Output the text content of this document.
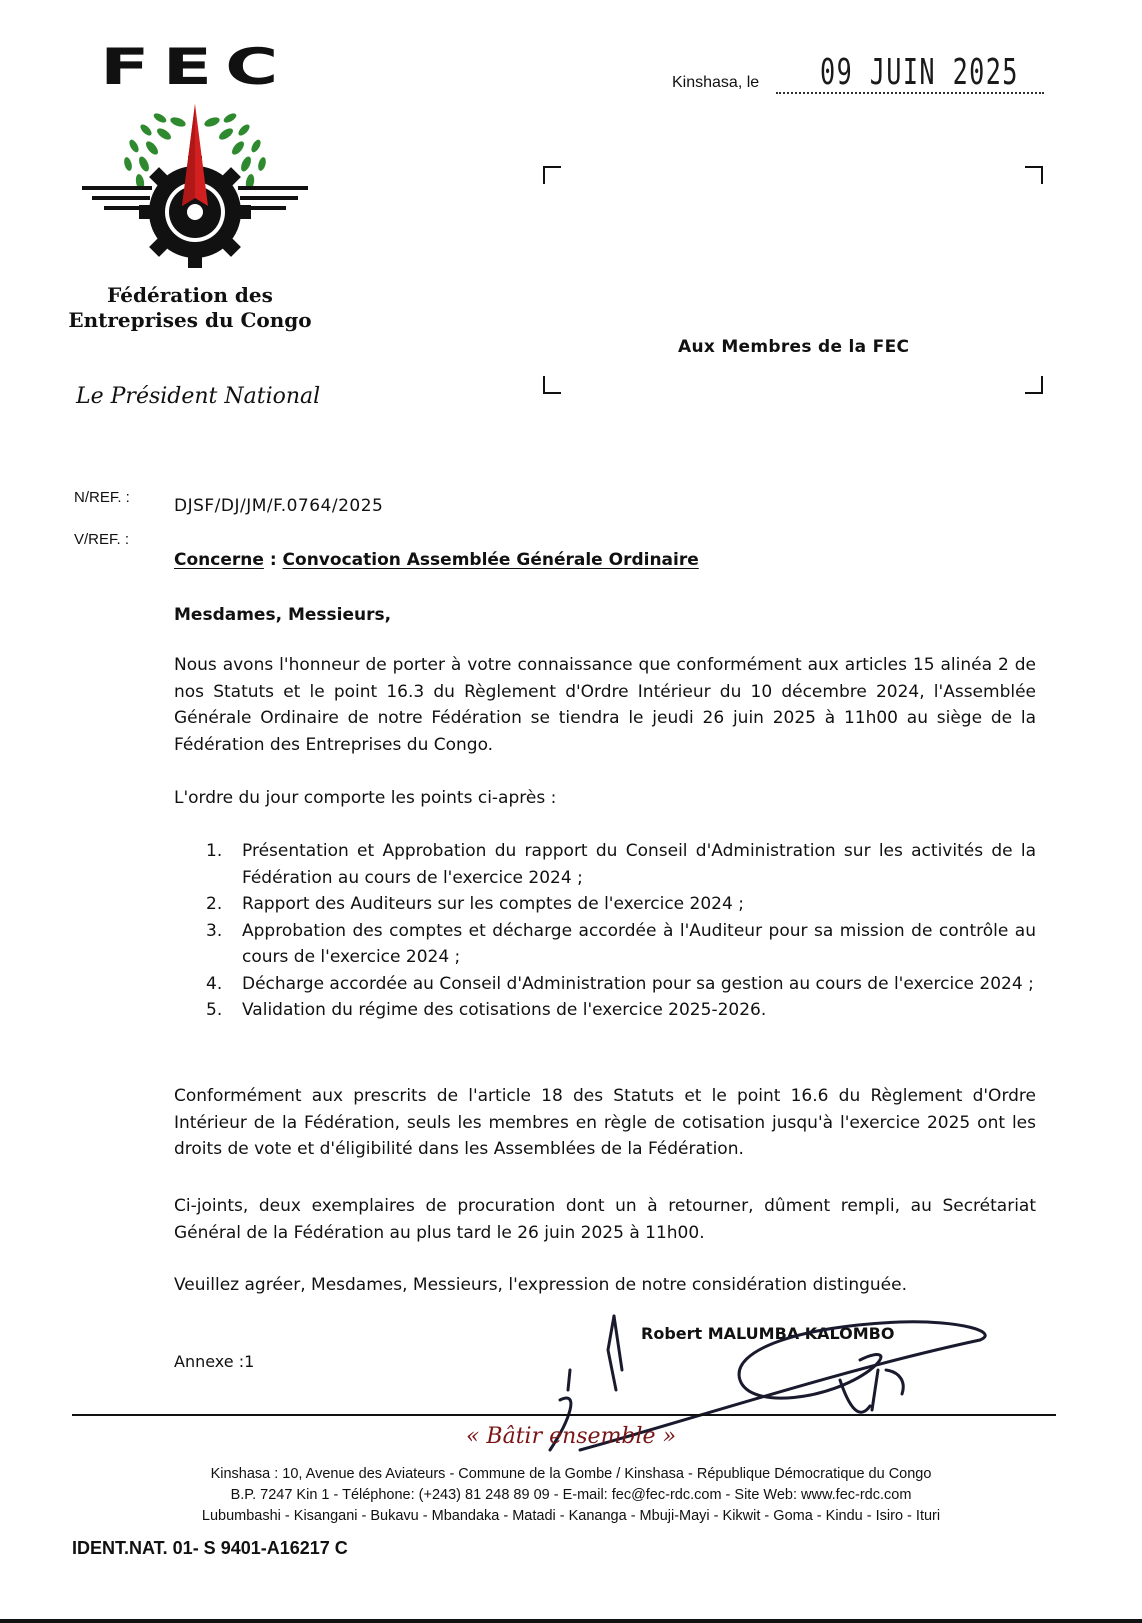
FEC
Fédération des
Entreprises du Congo
Le Président National
Kinshasa, le 09 JUIN 2025
Aux Membres de la FEC
N/REF. :	DJSF/DJ/JM/F.0764/2025
V/REF. :
Concerne : Convocation Assemblée Générale Ordinaire
Mesdames, Messieurs,
Nous avons l'honneur de porter à votre connaissance que conformément aux articles 15 alinéa 2 de nos Statuts et le point 16.3 du Règlement d'Ordre Intérieur du 10 décembre 2024, l'Assemblée Générale Ordinaire de notre Fédération se tiendra le jeudi 26 juin 2025 à 11h00 au siège de la Fédération des Entreprises du Congo.
L'ordre du jour comporte les points ci-après :
1. Présentation et Approbation du rapport du Conseil d'Administration sur les activités de la Fédération au cours de l'exercice 2024 ;
2. Rapport des Auditeurs sur les comptes de l'exercice 2024 ;
3. Approbation des comptes et décharge accordée à l'Auditeur pour sa mission de contrôle au cours de l'exercice 2024 ;
4. Décharge accordée au Conseil d'Administration pour sa gestion au cours de l'exercice 2024 ;
5. Validation du régime des cotisations de l'exercice 2025-2026.
Conformément aux prescrits de l'article 18 des Statuts et le point 16.6 du Règlement d'Ordre Intérieur de la Fédération, seuls les membres en règle de cotisation jusqu'à l'exercice 2025 ont les droits de vote et d'éligibilité dans les Assemblées de la Fédération.
Ci-joints, deux exemplaires de procuration dont un à retourner, dûment rempli, au Secrétariat Général de la Fédération au plus tard le 26 juin 2025 à 11h00.
Veuillez agréer, Mesdames, Messieurs, l'expression de notre considération distinguée.
Robert MALUMBA KALOMBO
Annexe :1
« Bâtir ensemble »
Kinshasa : 10, Avenue des Aviateurs - Commune de la Gombe / Kinshasa - République Démocratique du Congo
B.P. 7247 Kin 1 - Téléphone: (+243) 81 248 89 09 - E-mail: fec@fec-rdc.com - Site Web: www.fec-rdc.com
Lubumbashi - Kisangani - Bukavu - Mbandaka - Matadi - Kananga - Mbuji-Mayi - Kikwit - Goma - Kindu - Isiro - Ituri
IDENT.NAT. 01- S 9401-A16217 C
